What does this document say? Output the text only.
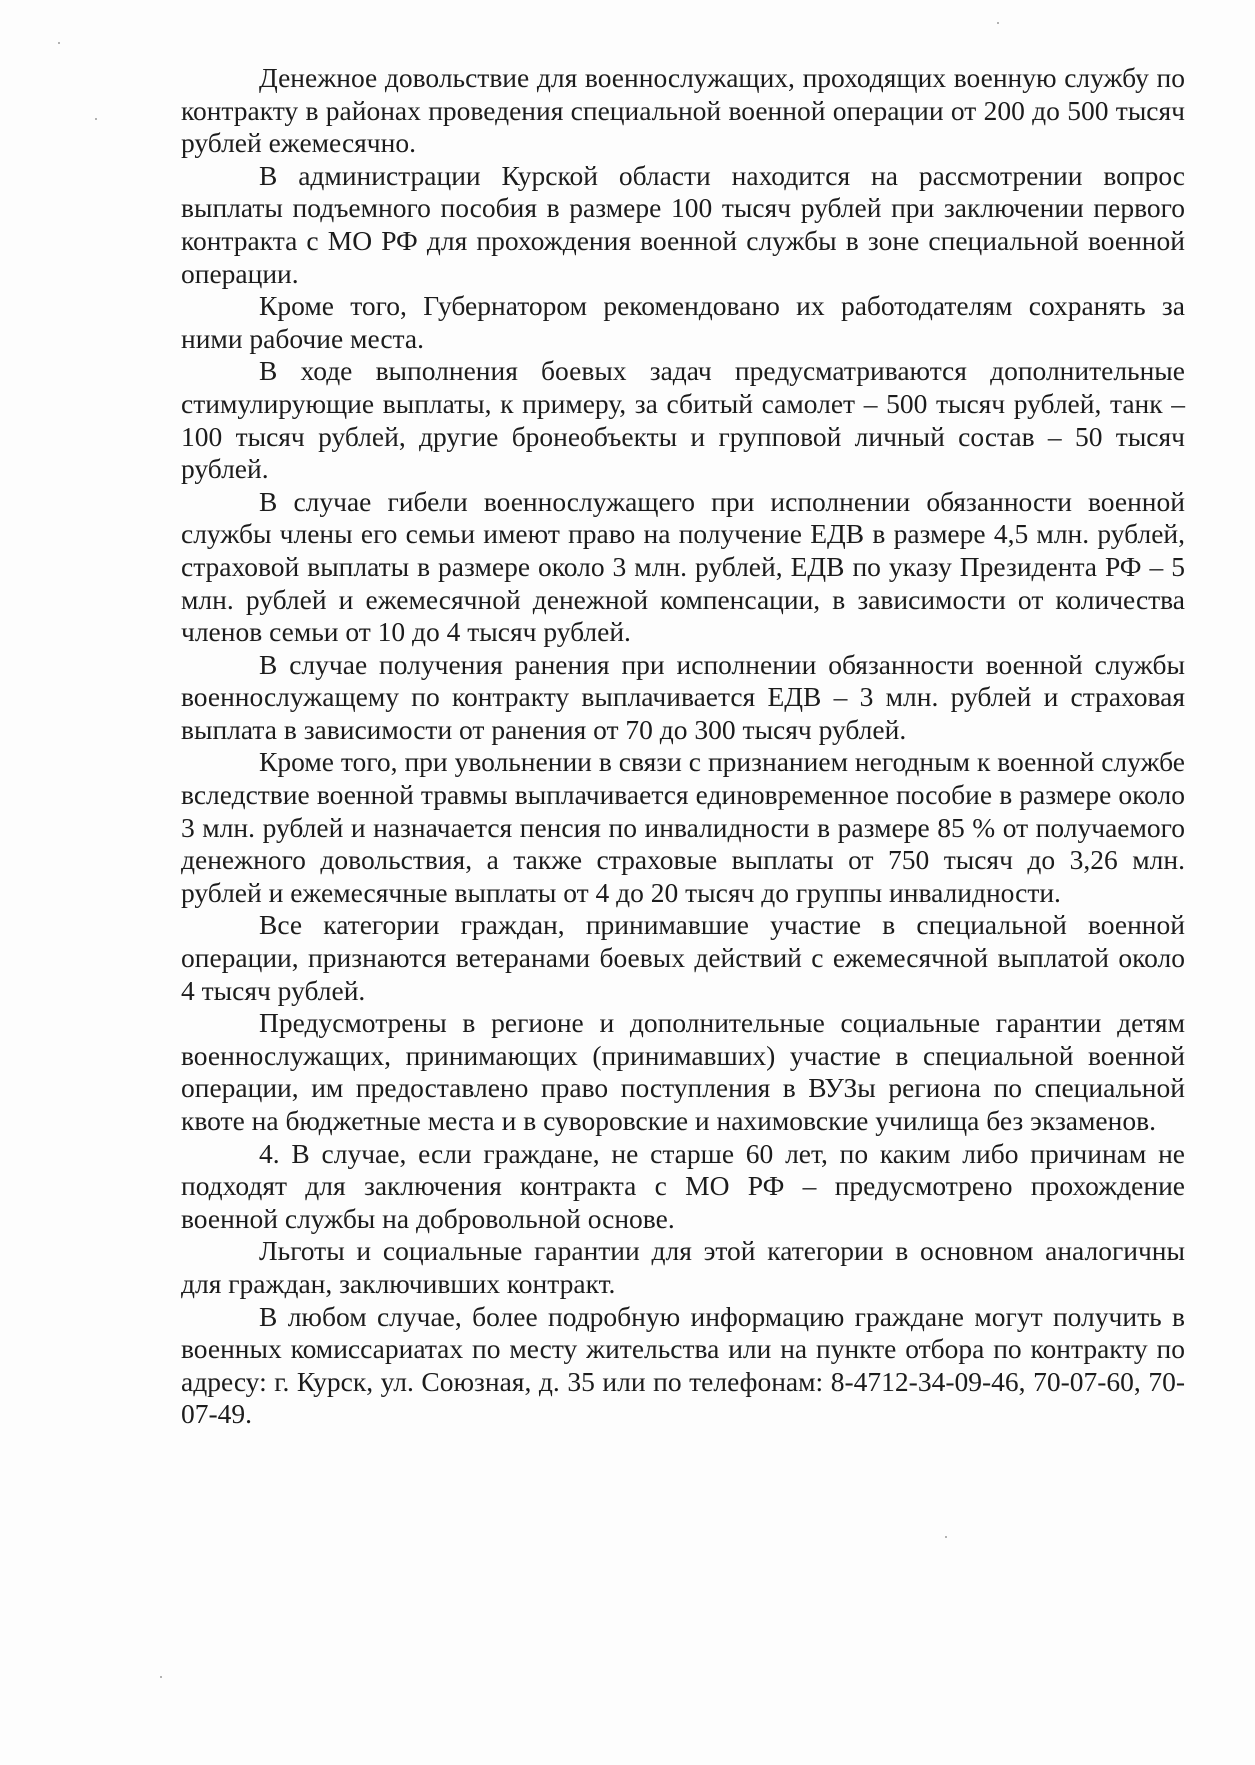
Денежное довольствие для военнослужащих, проходящих военную службу по контракту в районах проведения специальной военной операции от 200 до 500 тысяч рублей ежемесячно.

В администрации Курской области находится на рассмотрении вопрос выплаты подъемного пособия в размере 100 тысяч рублей при заключении первого контракта с МО РФ для прохождения военной службы в зоне специальной военной операции.

Кроме того, Губернатором рекомендовано их работодателям сохранять за ними рабочие места.

В ходе выполнения боевых задач предусматриваются дополнительные стимулирующие выплаты, к примеру, за сбитый самолет – 500 тысяч рублей, танк – 100 тысяч рублей, другие бронеобъекты и групповой личный состав – 50 тысяч рублей.

В случае гибели военнослужащего при исполнении обязанности военной службы члены его семьи имеют право на получение ЕДВ в размере 4,5 млн. рублей, страховой выплаты в размере около 3 млн. рублей, ЕДВ по указу Президента РФ – 5 млн. рублей и ежемесячной денежной компенсации, в зависимости от количества членов семьи от 10 до 4 тысяч рублей.

В случае получения ранения при исполнении обязанности военной службы военнослужащему по контракту выплачивается ЕДВ – 3 млн. рублей и страховая выплата в зависимости от ранения от 70 до 300 тысяч рублей.

Кроме того, при увольнении в связи с признанием негодным к военной службе вследствие военной травмы выплачивается единовременное пособие в размере около 3 млн. рублей и назначается пенсия по инвалидности в размере 85 % от получаемого денежного довольствия, а также страховые выплаты от 750 тысяч до 3,26 млн. рублей и ежемесячные выплаты от 4 до 20 тысяч до группы инвалидности.

Все категории граждан, принимавшие участие в специальной военной операции, признаются ветеранами боевых действий с ежемесячной выплатой около 4 тысяч рублей.

Предусмотрены в регионе и дополнительные социальные гарантии детям военнослужащих, принимающих (принимавших) участие в специальной военной операции, им предоставлено право поступления в ВУЗы региона по специальной квоте на бюджетные места и в суворовские и нахимовские училища без экзаменов.

4. В случае, если граждане, не старше 60 лет, по каким либо причинам не подходят для заключения контракта с МО РФ – предусмотрено прохождение военной службы на добровольной основе.

Льготы и социальные гарантии для этой категории в основном аналогичны для граждан, заключивших контракт.

В любом случае, более подробную информацию граждане могут получить в военных комиссариатах по месту жительства или на пункте отбора по контракту по адресу: г. Курск, ул. Союзная, д. 35 или по телефонам: 8-4712-34-09-46, 70-07-60, 70-07-49.
